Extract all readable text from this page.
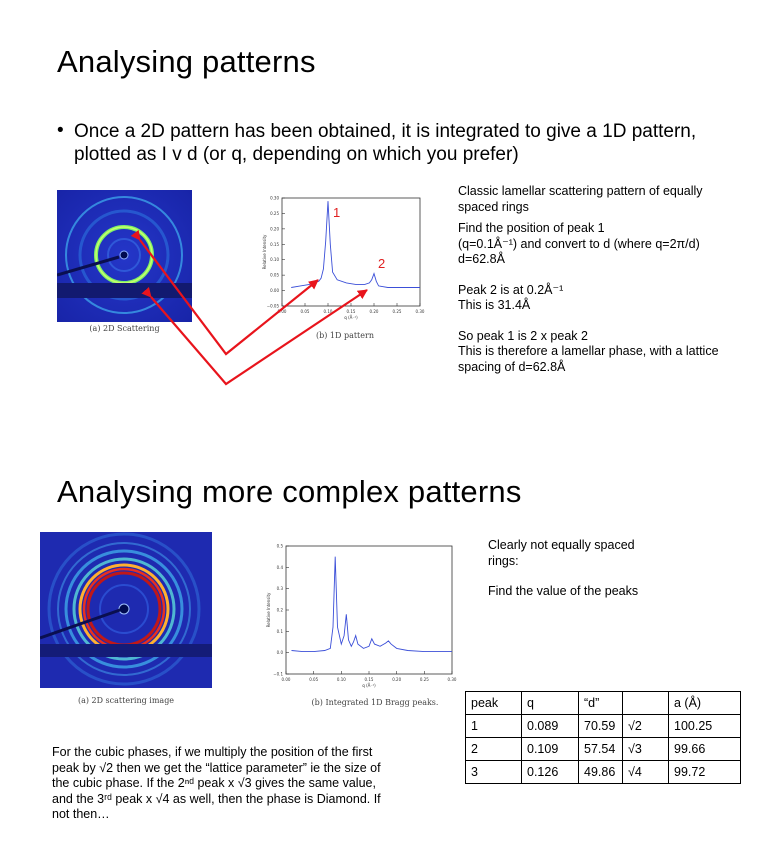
Analysing patterns
• Once a 2D pattern has been obtained, it is integrated to give a 1D pattern, plotted as I v d (or q, depending on which you prefer)
(a) 2D Scattering
0.00	0.05	0.10	0.15	0.20	0.25	0.30
−0.05
0.00
0.05
0.10
0.15
0.20
0.25
0.30
q (Å⁻¹)
Relative Intensity
(b) 1D pattern
1
2
Classic lamellar scattering pattern of equally spaced rings
Find the position of peak 1
(q=0.1Å⁻¹) and convert to d (where q=2π/d)
d=62.8Å
Peak 2 is at 0.2Å⁻¹
This is 31.4Å
So peak 1 is 2 x peak 2
This is therefore a lamellar phase, with a lattice spacing of d=62.8Å
Analysing more complex patterns
(a) 2D scattering image
0.00	0.05	0.10	0.15	0.20	0.25	0.30
−0.1
0.0
0.1
0.2
0.3
0.4
0.5
q (Å⁻¹)
Relative Intensity
(b) Integrated 1D Bragg peaks.
Clearly not equally spaced rings:
Find the value of the peaks
peak	q	“d”		a (Å)
1	0.089	70.59	√2	100.25
2	0.109	57.54	√3	99.66
3	0.126	49.86	√4	99.72
For the cubic phases, if we multiply the position of the first peak by √2 then we get the “lattice parameter” ie the size of the cubic phase. If the 2ⁿᵈ peak x √3 gives the same value, and the 3ʳᵈ peak x √4 as well, then the phase is Diamond. If not then…
